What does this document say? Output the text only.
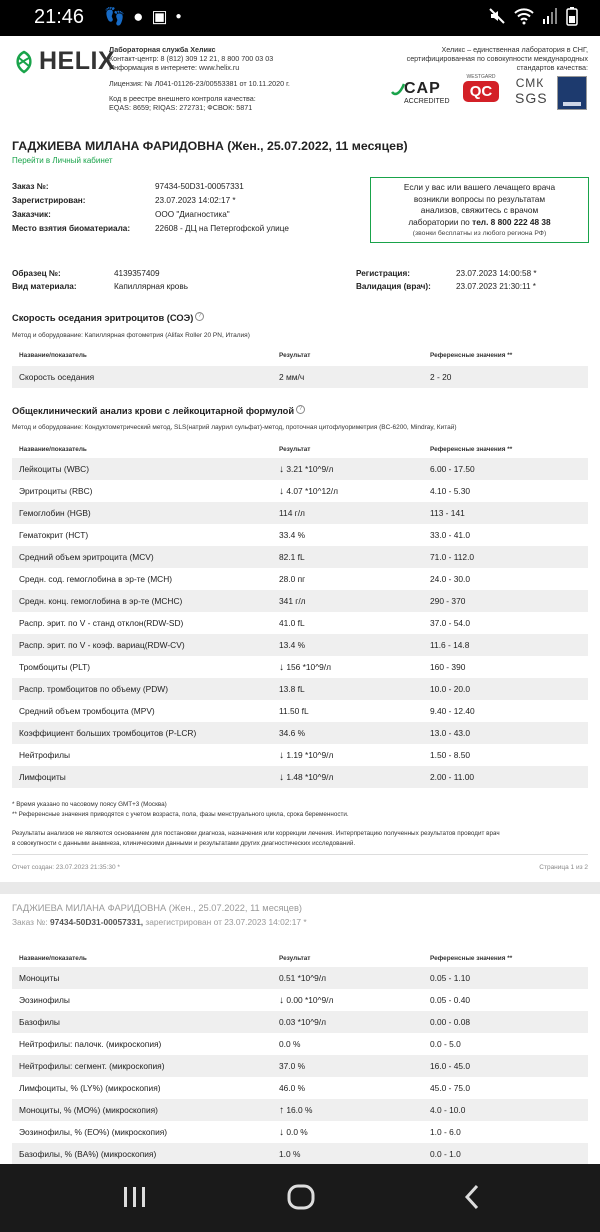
21:46 👣 ● ▣ ●
HELIX
Лабораторная служба Хеликс
Контакт-центр: 8 (812) 309 12 21, 8 800 700 03 03
Информация в интернете: www.helix.ru
Лицензия: № Л041-01126-23/00553381 от 10.11.2020 г.
Код в реестре внешнего контроля качества:
EQAS: 8659; RIQAS: 272731; ФСВОК: 5871
Хеликс – единственная лаборатория в СНГ,
сертифицированная по совокупности международных
стандартов качества:
CAP
ACCREDITED
WESTGARD
QC	СМК
SGS
ГАДЖИЕВА МИЛАНА ФАРИДОВНА (Жен., 25.07.2022, 11 месяцев)
Перейти в Личный кабинет
Заказ №:	97434-50D31-00057331
Зарегистрирован:	23.07.2023 14:02:17 *
Заказчик:	ООО "Диагностика"
Место взятия биоматериала:	22608 - ДЦ на Петергофской улице
Если у вас или вашего лечащего врача
возникли вопросы по результатам
анализов, свяжитесь с врачом
лаборатории по тел. 8 800 222 48 38
(звонки бесплатны из любого региона РФ)
Образец №:	4139357409
Вид материала:	Капиллярная кровь
Регистрация:	23.07.2023 14:00:58 *
Валидация (врач):	23.07.2023 21:30:11 *
Скорость оседания эритроцитов (СОЭ) ?
Метод и оборудование: Капиллярная фотометрия (Alifax Roller 20 PN, Италия)
Название/показатель	Результат	Референсные значения **
Скорость оседания	2 мм/ч	2 - 20
Общеклинический анализ крови с лейкоцитарной формулой ?
Метод и оборудование: Кондуктометрический метод, SLS(натрий лаурил сульфат)-метод, проточная цитофлуориметрия (BC-6200, Mindray, Китай)
Название/показатель	Результат	Референсные значения **
Лейкоциты (WBC)	↓ 3.21 *10^9/л	6.00 - 17.50
Эритроциты (RBC)	↓ 4.07 *10^12/л	4.10 - 5.30
Гемоглобин (HGB)	114 г/л	113 - 141
Гематокрит (HCT)	33.4 %	33.0 - 41.0
Средний объем эритроцита (MCV)	82.1 fL	71.0 - 112.0
Средн. сод. гемоглобина в эр-те (MCH)	28.0 пг	24.0 - 30.0
Средн. конц. гемоглобина в эр-те (MCHC)	341 г/л	290 - 370
Распр. эрит. по V - станд отклон(RDW-SD)	41.0 fL	37.0 - 54.0
Распр. эрит. по V - коэф. вариац(RDW-CV)	13.4 %	11.6 - 14.8
Тромбоциты (PLT)	↓ 156 *10^9/л	160 - 390
Распр. тромбоцитов по объему (PDW)	13.8 fL	10.0 - 20.0
Средний объем тромбоцита (MPV)	11.50 fL	9.40 - 12.40
Коэффициент больших тромбоцитов (P-LCR)	34.6 %	13.0 - 43.0
Нейтрофилы	↓ 1.19 *10^9/л	1.50 - 8.50
Лимфоциты	↓ 1.48 *10^9/л	2.00 - 11.00
* Время указано по часовому поясу GMT+3 (Москва)
** Референсные значения приводятся с учетом возраста, пола, фазы менструального цикла, срока беременности.
Результаты анализов не являются основанием для постановки диагноза, назначения или коррекции лечения. Интерпретацию полученных результатов проводит врач
в совокупности с данными анамнеза, клиническими данными и результатами других диагностических исследований.
Отчет создан: 23.07.2023 21:35:30 *	Страница 1 из 2
ГАДЖИЕВА МИЛАНА ФАРИДОВНА (Жен., 25.07.2022, 11 месяцев)
Заказ №: 97434-50D31-00057331, зарегистрирован от 23.07.2023 14:02:17 *
Название/показатель	Результат	Референсные значения **
Моноциты	0.51 *10^9/л	0.05 - 1.10
Эозинофилы	↓ 0.00 *10^9/л	0.05 - 0.40
Базофилы	0.03 *10^9/л	0.00 - 0.08
Нейтрофилы: палочк. (микроскопия)	0.0 %	0.0 - 5.0
Нейтрофилы: сегмент. (микроскопия)	37.0 %	16.0 - 45.0
Лимфоциты, % (LY%) (микроскопия)	46.0 %	45.0 - 75.0
Моноциты, % (MO%) (микроскопия)	↑ 16.0 %	4.0 - 10.0
Эозинофилы, % (EO%) (микроскопия)	↓ 0.0 %	1.0 - 6.0
Базофилы, % (BA%) (микроскопия)	1.0 %	0.0 - 1.0
